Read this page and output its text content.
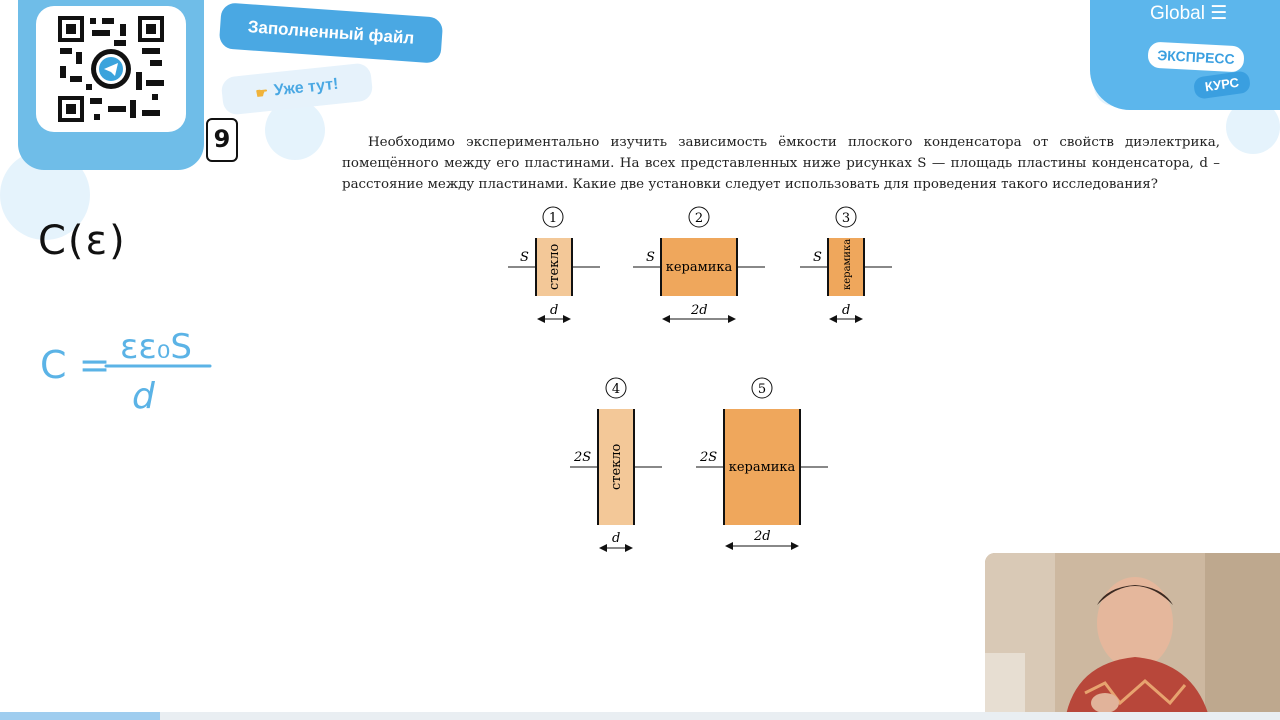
Заполненный файл
☛ Уже тут!
9
Global ☰
ЭКСПРЕСС
КУРС
Необходимо экспериментально изучить зависимость ёмкости плоского конденсатора от свойств диэлектрика, помещённого между его пластинами. На всех представленных ниже рисунках S — площадь пластины конденсатора, d – расстояние между пластинами. Какие две установки следует использовать для проведения такого исследования?
C(ε)
C = εε₀S
d
1
S стекло
d
2
S
керамика
2d
3
S керамика
d
4
2S стекло
d
5
2S
керамика
2d
